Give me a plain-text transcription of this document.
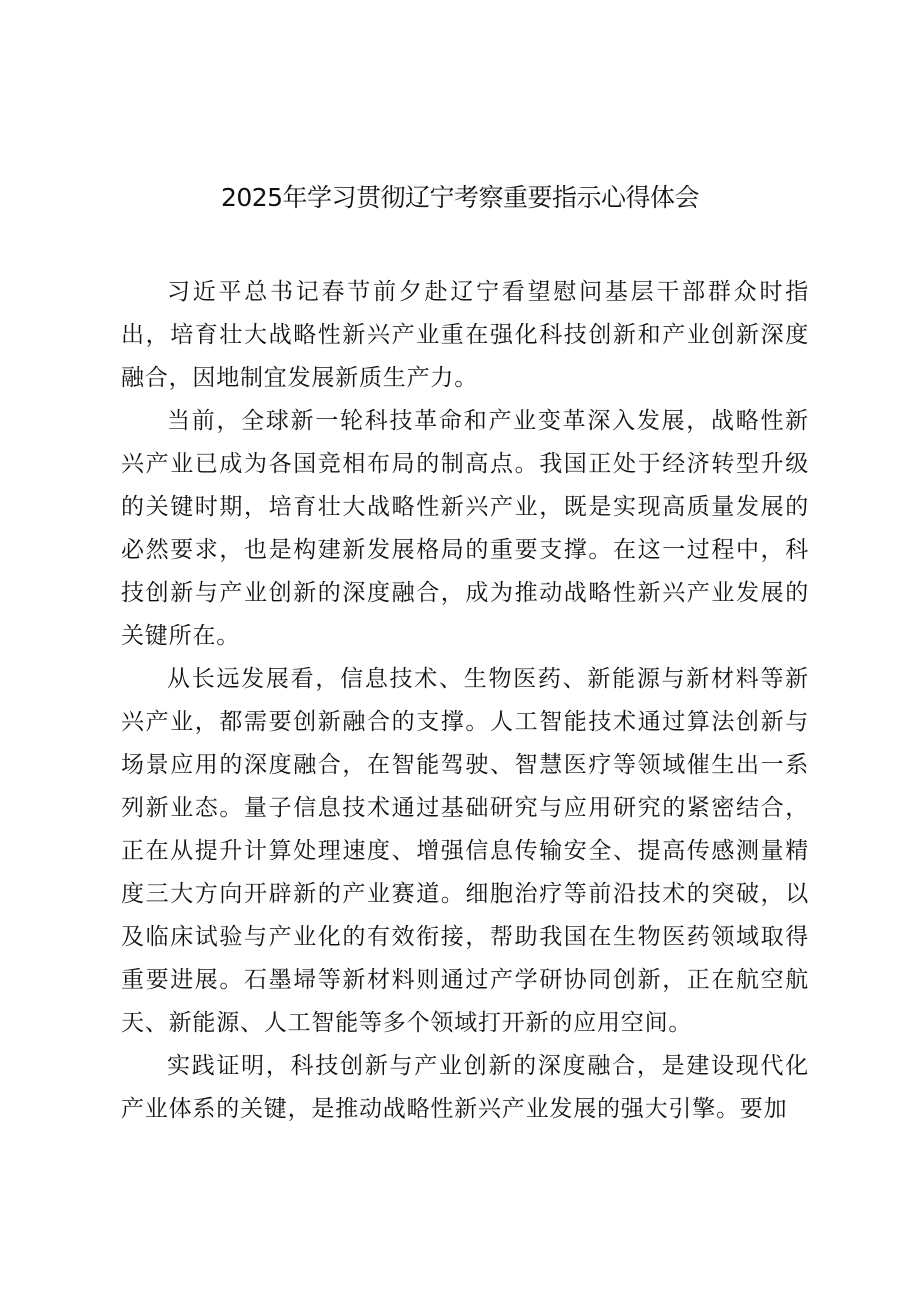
2025年学习贯彻辽宁考察重要指示心得体会

习近平总书记春节前夕赴辽宁看望慰问基层干部群众时指出，培育壮大战略性新兴产业重在强化科技创新和产业创新深度融合，因地制宜发展新质生产力。

当前，全球新一轮科技革命和产业变革深入发展，战略性新兴产业已成为各国竞相布局的制高点。我国正处于经济转型升级的关键时期，培育壮大战略性新兴产业，既是实现高质量发展的必然要求，也是构建新发展格局的重要支撑。在这一过程中，科技创新与产业创新的深度融合，成为推动战略性新兴产业发展的关键所在。

从长远发展看，信息技术、生物医药、新能源与新材料等新兴产业，都需要创新融合的支撑。人工智能技术通过算法创新与场景应用的深度融合，在智能驾驶、智慧医疗等领域催生出一系列新业态。量子信息技术通过基础研究与应用研究的紧密结合，正在从提升计算处理速度、增强信息传输安全、提高传感测量精度三大方向开辟新的产业赛道。细胞治疗等前沿技术的突破，以及临床试验与产业化的有效衔接，帮助我国在生物医药领域取得重要进展。石墨埽等新材料则通过产学研协同创新，正在航空航天、新能源、人工智能等多个领域打开新的应用空间。

实践证明，科技创新与产业创新的深度融合，是建设现代化产业体系的关键，是推动战略性新兴产业发展的强大引擎。要加
